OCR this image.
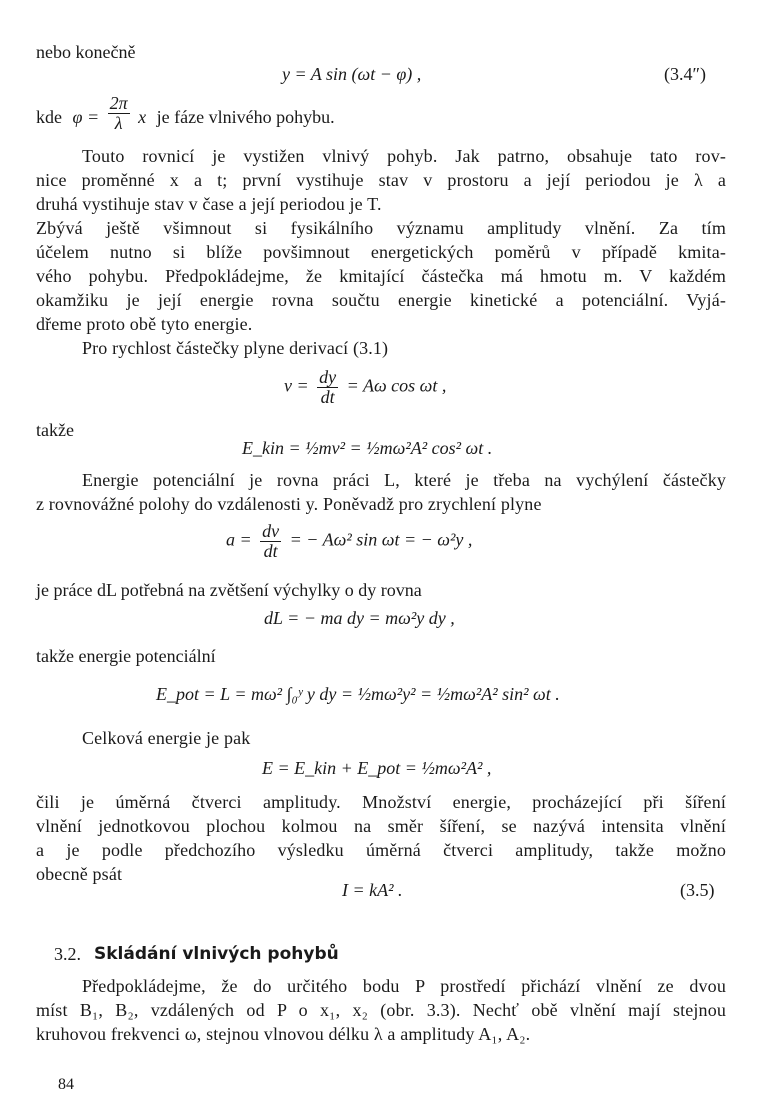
nebo konečně
y = A sin (ωt − φ) ,	(3.4″)
kde $\varphi = \frac{2\pi}{\lambda}$ x je fáze vlnivého pohybu.
Touto rovnicí je vystižen vlnivý pohyb. Jak patrno, obsahuje tato rov-
nice proměnné x a t; první vystihuje stav v prostoru a její periodou je λ a
druhá vystihuje stav v čase a její periodou je T.
Zbývá ještě všimnout si fysikálního významu amplitudy vlnění. Za tím
účelem nutno si blíže povšimnout energetických poměrů v případě kmita-
vého pohybu. Předpokládejme, že kmitající částečka má hmotu m. V každém
okamžiku je její energie rovna součtu energie kinetické a potenciální. Vyjá-
dřeme proto obě tyto energie.
Pro rychlost částečky plyne derivací (3.1)
$v = \frac{dy}{dt} = A\omega$ cos ωt ,
takže
E_kin = ½mv² = ½mω²A² cos² ωt .
Energie potenciální je rovna práci L, které je třeba na vychýlení částečky
z rovnovážné polohy do vzdálenosti y. Poněvadž pro zrychlení plyne
$a = \frac{dv}{dt}$ = − Aω² sin ωt = − ω²y ,
je práce dL potřebná na zvětšení výchylky o dy rovna
dL = − ma dy = mω²y dy ,
takže energie potenciální
E_pot = L = mω² ∫₀ʸ y dy = ½mω²y² = ½mω²A² sin² ωt .
Celková energie je pak
E = E_kin + E_pot = ½mω²A² ,
čili je úměrná čtverci amplitudy. Množství energie, procházející při šíření
vlnění jednotkovou plochou kolmou na směr šíření, se nazývá intensita vlnění
a je podle předchozího výsledku úměrná čtverci amplitudy, takže možno
obecně psát
I = kA² .	(3.5)
3.2. Skládání vlnivých pohybů
Předpokládejme, že do určitého bodu P prostředí přichází vlnění ze dvou
míst B₁, B₂, vzdálených od P o x₁, x₂ (obr. 3.3). Nechť obě vlnění mají stejnou
kruhovou frekvenci ω, stejnou vlnovou délku λ a amplitudy A₁, A₂.
84
